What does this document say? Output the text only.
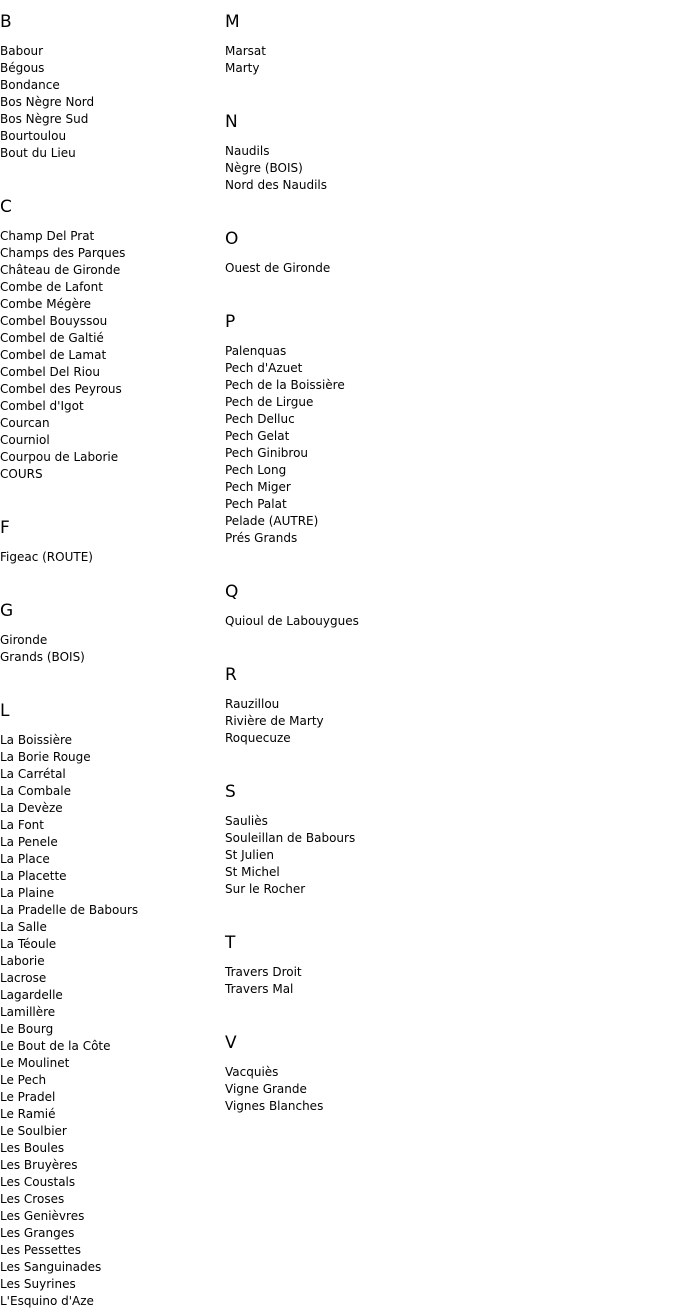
B
Babour
Bégous
Bondance
Bos Nègre Nord
Bos Nègre Sud
Bourtoulou
Bout du Lieu
C
Champ Del Prat
Champs des Parques
Château de Gironde
Combe de Lafont
Combe Mégère
Combel Bouyssou
Combel de Galtié
Combel de Lamat
Combel Del Riou
Combel des Peyrous
Combel d'Igot
Courcan
Courniol
Courpou de Laborie
COURS
F
Figeac (ROUTE)
G
Gironde
Grands (BOIS)
L
La Boissière
La Borie Rouge
La Carrétal
La Combale
La Devèze
La Font
La Penele
La Place
La Placette
La Plaine
La Pradelle de Babours
La Salle
La Téoule
Laborie
Lacrose
Lagardelle
Lamillère
Le Bourg
Le Bout de la Côte
Le Moulinet
Le Pech
Le Pradel
Le Ramié
Le Soulbier
Les Boules
Les Bruyères
Les Coustals
Les Croses
Les Genièvres
Les Granges
Les Pessettes
Les Sanguinades
Les Suyrines
L'Esquino d'Aze
M
Marsat
Marty
N
Naudils
Nègre (BOIS)
Nord des Naudils
O
Ouest de Gironde
P
Palenquas
Pech d'Azuet
Pech de la Boissière
Pech de Lirgue
Pech Delluc
Pech Gelat
Pech Ginibrou
Pech Long
Pech Miger
Pech Palat
Pelade (AUTRE)
Prés Grands
Q
Quioul de Labouygues
R
Rauzillou
Rivière de Marty
Roquecuze
S
Sauliès
Souleillan de Babours
St Julien
St Michel
Sur le Rocher
T
Travers Droit
Travers Mal
V
Vacquiès
Vigne Grande
Vignes Blanches
